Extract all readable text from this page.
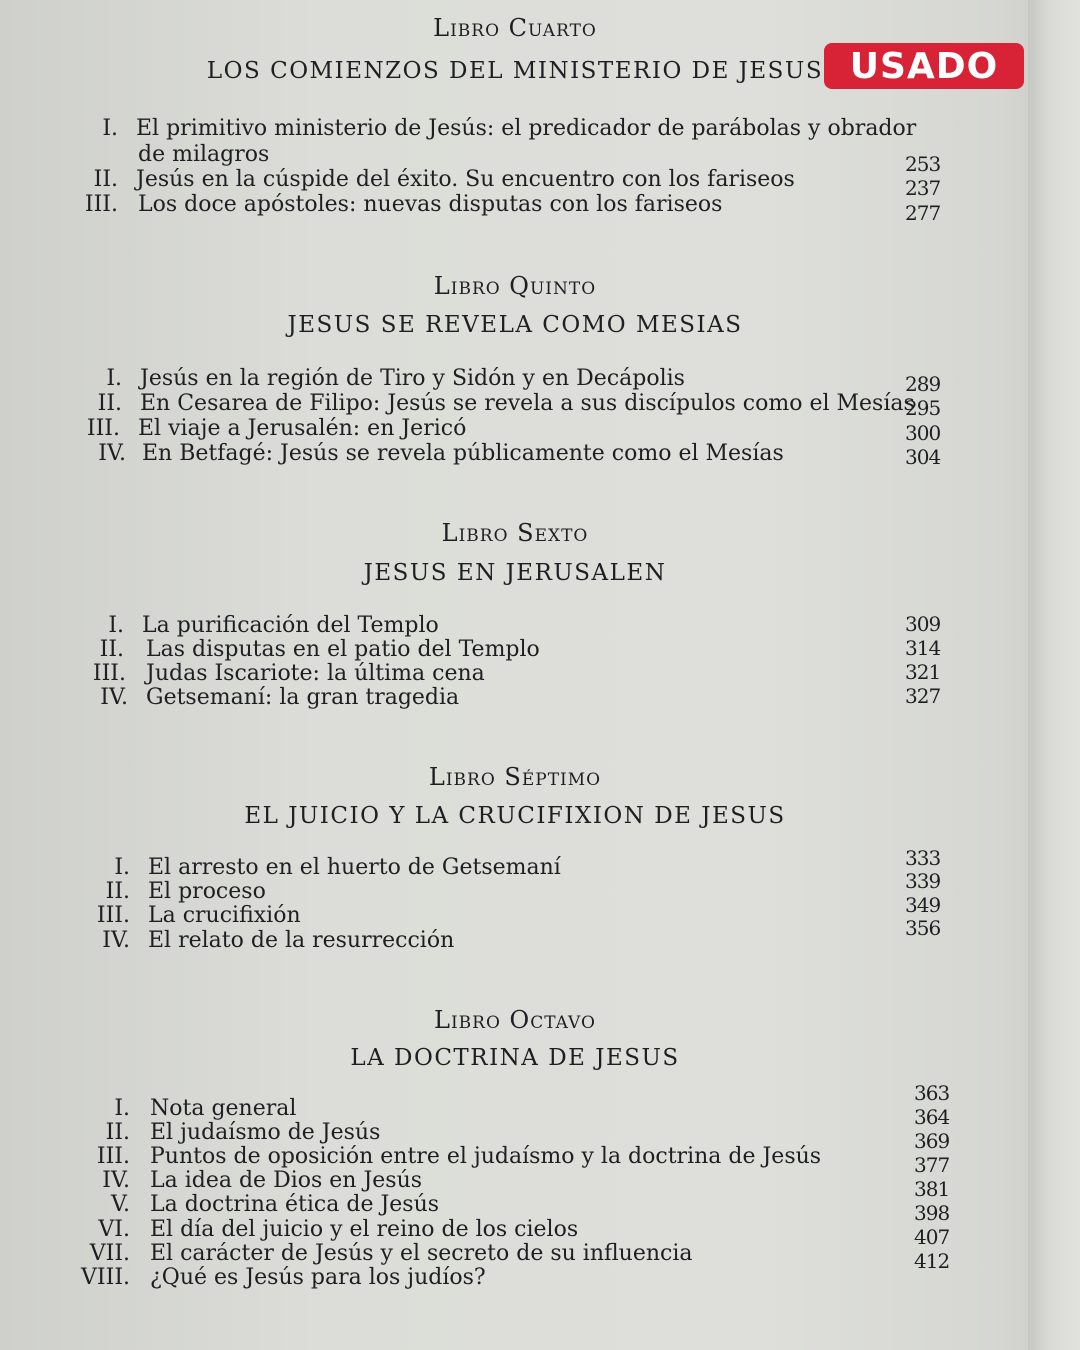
USADO
Libro Cuarto
LOS COMIENZOS DEL MINISTERIO DE JESUS
I. El primitivo ministerio de Jesús: el predicador de parábolas y obrador
de milagros
II. Jesús en la cúspide del éxito. Su encuentro con los fariseos
III. Los doce apóstoles: nuevas disputas con los fariseos
253
237
277
Libro Quinto
JESUS SE REVELA COMO MESIAS
I. Jesús en la región de Tiro y Sidón y en Decápolis
II. En Cesarea de Filipo: Jesús se revela a sus discípulos como el Mesías
III. El viaje a Jerusalén: en Jericó
IV. En Betfagé: Jesús se revela públicamente como el Mesías
289
295
300
304
Libro Sexto
JESUS EN JERUSALEN
I. La purificación del Templo
II. Las disputas en el patio del Templo
III. Judas Iscariote: la última cena
IV. Getsemaní: la gran tragedia
309
314
321
327
Libro Séptimo
EL JUICIO Y LA CRUCIFIXION DE JESUS
I. El arresto en el huerto de Getsemaní
II. El proceso
III. La crucifixión
IV. El relato de la resurrección
333
339
349
356
Libro Octavo
LA DOCTRINA DE JESUS
I. Nota general
II. El judaísmo de Jesús
III. Puntos de oposición entre el judaísmo y la doctrina de Jesús
IV. La idea de Dios en Jesús
V. La doctrina ética de Jesús
VI. El día del juicio y el reino de los cielos
VII. El carácter de Jesús y el secreto de su influencia
VIII. ¿Qué es Jesús para los judíos?
363
364
369
377
381
398
407
412
